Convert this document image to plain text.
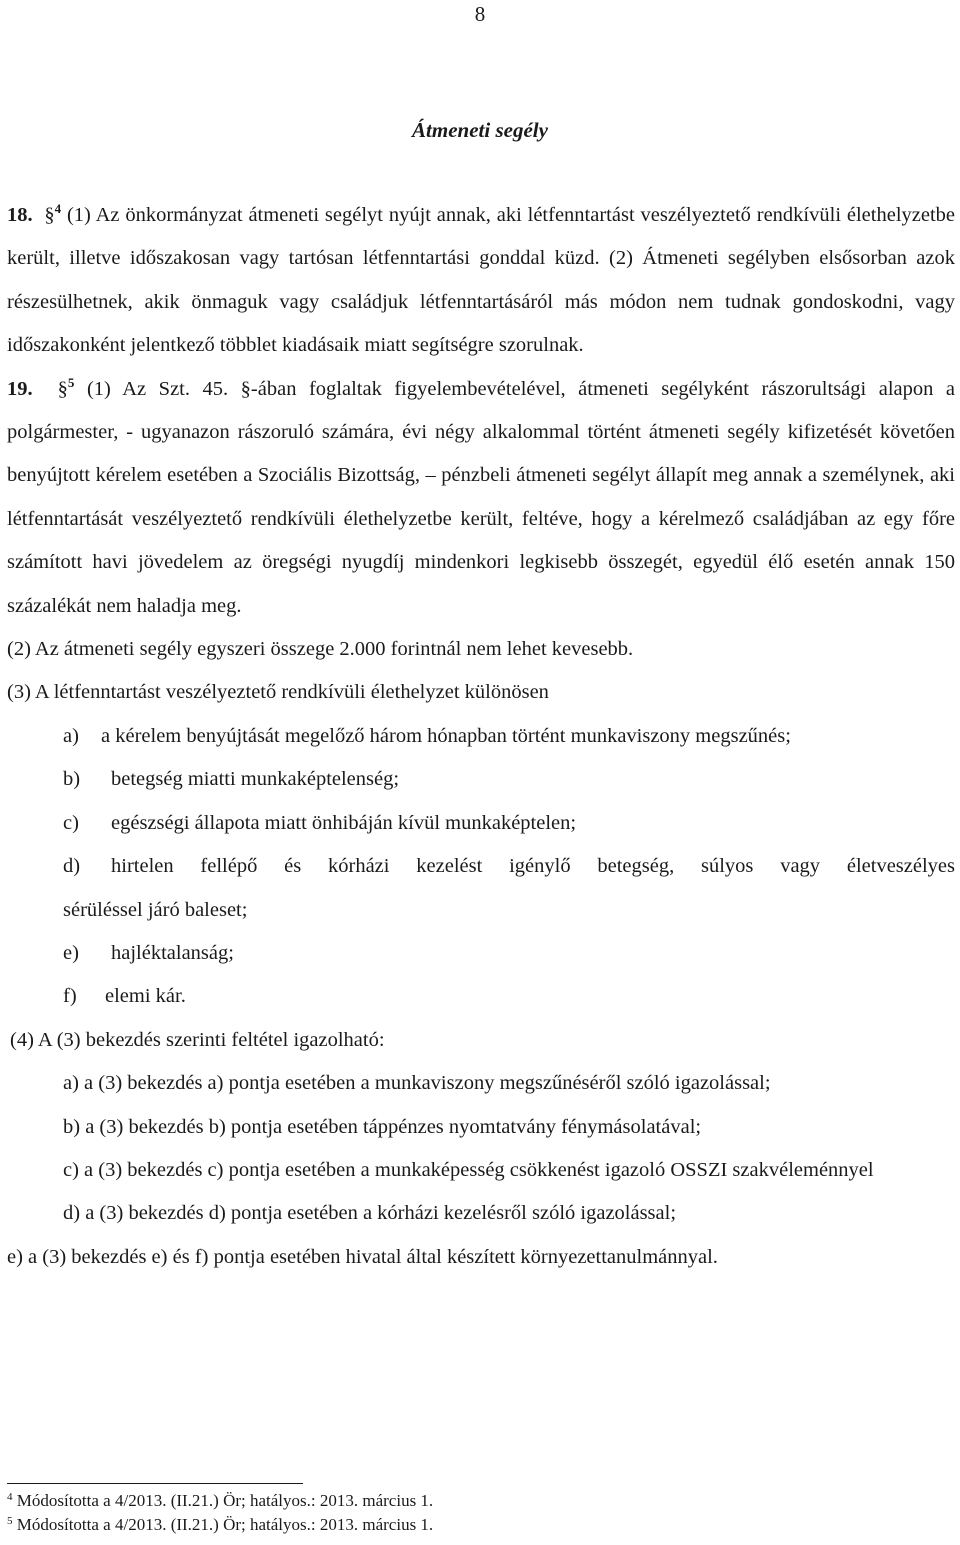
8
Átmeneti segély

18. §$^4$ (1) Az önkormányzat átmeneti segélyt nyújt annak, aki létfenntartást veszélyeztető rendkívüli élethelyzetbe került, illetve időszakosan vagy tartósan létfenntartási gonddal küzd. (2) Átmeneti segélyben elsősorban azok részesülhetnek, akik önmaguk vagy családjuk létfenntartásáról más módon nem tudnak gondoskodni, vagy időszakonként jelentkező többlet kiadásaik miatt segítségre szorulnak.

19. §$^5$ (1) Az Szt. 45. §-ában foglaltak figyelembevételével, átmeneti segélyként rászorultsági alapon a polgármester, - ugyanazon rászoruló számára, évi négy alkalommal történt átmeneti segély kifizetését követően benyújtott kérelem esetében a Szociális Bizottság, – pénzbeli átmeneti segélyt állapít meg annak a személynek, aki létfenntartását veszélyeztető rendkívüli élethelyzetbe került, feltéve, hogy a kérelmező családjában az egy főre számított havi jövedelem az öregségi nyugdíj mindenkori legkisebb összegét, egyedül élő esetén annak 150 százalékát nem haladja meg.

(2) Az átmeneti segély egyszeri összege 2.000 forintnál nem lehet kevesebb.

(3) A létfenntartást veszélyeztető rendkívüli élethelyzet különösen

a)	a kérelem benyújtását megelőző három hónapban történt munkaviszony megszűnés;
b)	betegség miatti munkaképtelenség;
c)	egészségi állapota miatt önhibáján kívül munkaképtelen;
d) hirtelen fellépő és kórházi kezelést igénylő betegség, súlyos vagy életveszélyes
sérüléssel járó baleset;
e)	hajléktalanság;
f)	elemi kár.

(4) A (3) bekezdés szerinti feltétel igazolható:

a) a (3) bekezdés a) pontja esetében a munkaviszony megszűnéséről szóló igazolással;
b) a (3) bekezdés b) pontja esetében táppénzes nyomtatvány fénymásolatával;
c) a (3) bekezdés c) pontja esetében a munkaképesség csökkenést igazoló OSSZI szakvéleménnyel
d) a (3) bekezdés d) pontja esetében a kórházi kezelésről szóló igazolással;
e) a (3) bekezdés e) és f) pontja esetében hivatal által készített környezettanulmánnyal.
$^4$ Módosította a 4/2013. (II.21.) Ör; hatályos.: 2013. március 1.
$^5$ Módosította a 4/2013. (II.21.) Ör; hatályos.: 2013. március 1.
